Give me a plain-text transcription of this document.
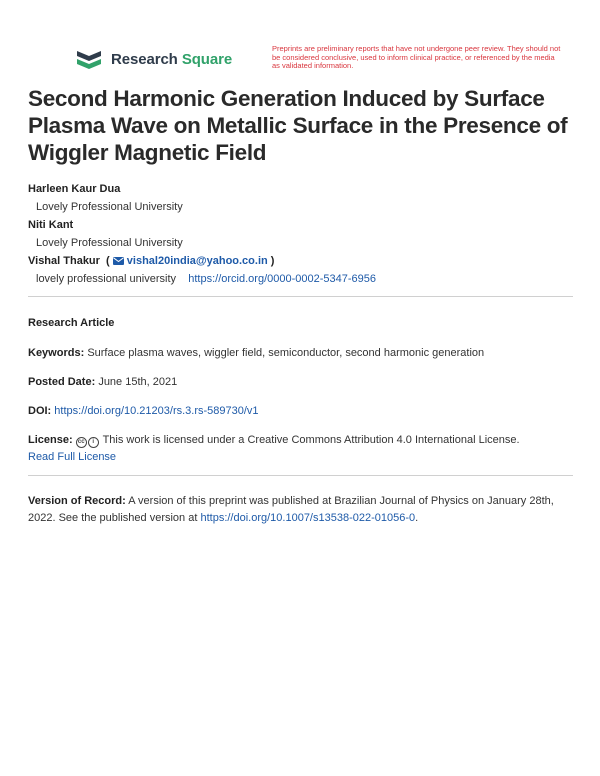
Research Square
Preprints are preliminary reports that have not undergone peer review. They should not be considered conclusive, used to inform clinical practice, or referenced by the media as validated information.
Second Harmonic Generation Induced by Surface Plasma Wave on Metallic Surface in the Presence of Wiggler Magnetic Field
Harleen Kaur Dua
Lovely Professional University
Niti Kant
Lovely Professional University
Vishal Thakur  ( vishal20india@yahoo.co.in )
lovely professional university https://orcid.org/0000-0002-5347-6956
Research Article
Keywords: Surface plasma waves, wiggler field, semiconductor, second harmonic generation
Posted Date: June 15th, 2021
DOI: https://doi.org/10.21203/rs.3.rs-589730/v1
License: cc i This work is licensed under a Creative Commons Attribution 4.0 International License.
Read Full License
Version of Record: A version of this preprint was published at Brazilian Journal of Physics on January 28th, 2022. See the published version at https://doi.org/10.1007/s13538-022-01056-0.
